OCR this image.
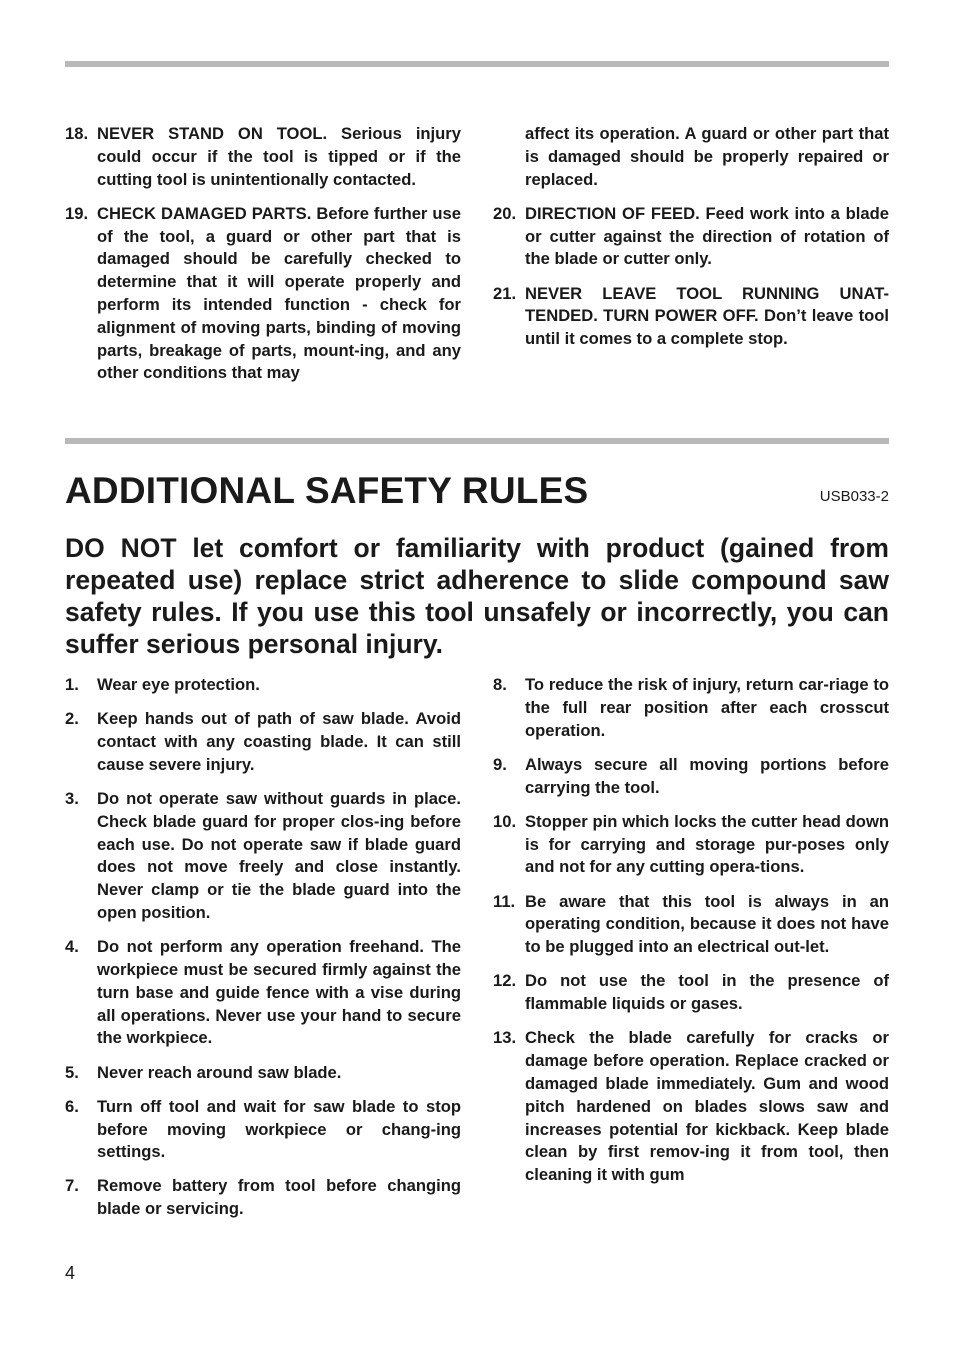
18. NEVER STAND ON TOOL. Serious injury could occur if the tool is tipped or if the cutting tool is unintentionally contacted.
19. CHECK DAMAGED PARTS. Before further use of the tool, a guard or other part that is damaged should be carefully checked to determine that it will operate properly and perform its intended function - check for alignment of moving parts, binding of moving parts, breakage of parts, mount-ing, and any other conditions that may
affect its operation. A guard or other part that is damaged should be properly repaired or replaced.
20. DIRECTION OF FEED. Feed work into a blade or cutter against the direction of rotation of the blade or cutter only.
21. NEVER LEAVE TOOL RUNNING UNAT-TENDED. TURN POWER OFF. Don’t leave tool until it comes to a complete stop.
ADDITIONAL SAFETY RULES	USB033-2

DO NOT let comfort or familiarity with product (gained from repeated use) replace strict adherence to slide compound saw safety rules. If you use this tool unsafely or incorrectly, you can suffer serious personal injury.

1.	Wear eye protection.
2.	Keep hands out of path of saw blade. Avoid contact with any coasting blade. It can still cause severe injury.
3.	Do not operate saw without guards in place. Check blade guard for proper clos-ing before each use. Do not operate saw if blade guard does not move freely and close instantly. Never clamp or tie the blade guard into the open position.
4.	Do not perform any operation freehand. The workpiece must be secured firmly against the turn base and guide fence with a vise during all operations. Never use your hand to secure the workpiece.
5.	Never reach around saw blade.
6.	Turn off tool and wait for saw blade to stop before moving workpiece or chang-ing settings.
7.	Remove battery from tool before changing blade or servicing.
8.	To reduce the risk of injury, return car-riage to the full rear position after each crosscut operation.
9.	Always secure all moving portions before carrying the tool.
10. Stopper pin which locks the cutter head down is for carrying and storage pur-poses only and not for any cutting opera-tions.
11. Be aware that this tool is always in an operating condition, because it does not have to be plugged into an electrical out-let.
12. Do not use the tool in the presence of flammable liquids or gases.
13. Check the blade carefully for cracks or damage before operation. Replace cracked or damaged blade immediately. Gum and wood pitch hardened on blades slows saw and increases potential for kickback. Keep blade clean by first remov-ing it from tool, then cleaning it with gum
4
